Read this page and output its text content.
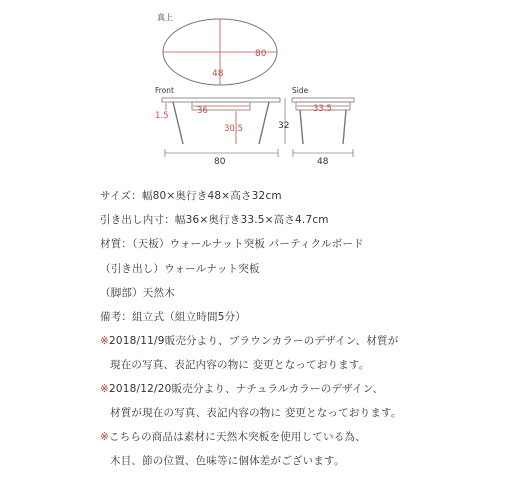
真上
80
48
Front
36
1.5
30.5	32
80
Side
33.5
48
サイズ：幅80×奥行き48×高さ32cm
引き出し内寸：幅36×奥行き33.5×高さ4.7cm
材質：（天板）ウォールナット突板 パーティクルボード
（引き出し）ウォールナット突板
（脚部）天然木
備考：組立式（組立時間5分）
※2018/11/9販売分より、ブラウンカラーのデザイン、材質が
現在の写真、表記内容の物に 変更となっております。
※2018/12/20販売分より、ナチュラルカラーのデザイン、
材質が現在の写真、表記内容の物に 変更となっております。
※こちらの商品は素材に天然木突板を使用している為、
木目、節の位置、色味等に個体差がございます。
